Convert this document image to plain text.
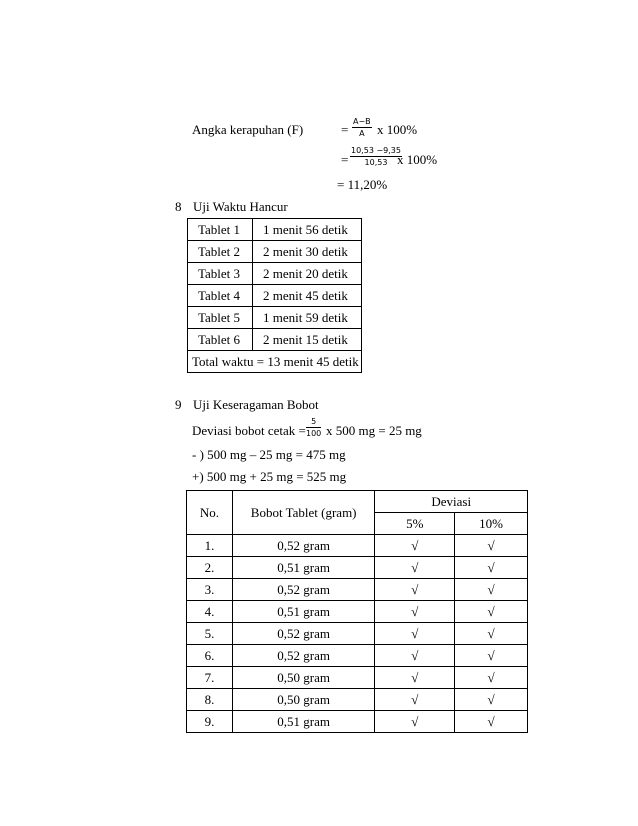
Angka kerapuhan (F)	= $\frac{A-B}{A}$ x 100%
= $\frac{10,53 -9,35}{10,53}$
x 100%
= 11,20%
8 Uji Waktu Hancur
Tablet 1	1 menit 56 detik
Tablet 2	2 menit 30 detik
Tablet 3	2 menit 20 detik
Tablet 4	2 menit 45 detik
Tablet 5	1 menit 59 detik
Tablet 6	2 menit 15 detik
Total waktu = 13 menit 45 detik	
9 Uji Keseragaman Bobot
Deviasi bobot cetak = $\frac{5}{100}$ x 500 mg = 25 mg
- ) 500 mg – 25 mg = 475 mg
+) 500 mg + 25 mg = 525 mg
No.	Bobot Tablet (gram)	Deviasi	
		5%	10%
1.	0,52 gram	√	√
2.	0,51 gram	√	√
3.	0,52 gram	√	√
4.	0,51 gram	√	√
5.	0,52 gram	√	√
6.	0,52 gram	√	√
7.	0,50 gram	√	√
8.	0,50 gram	√	√
9.	0,51 gram	√	√
